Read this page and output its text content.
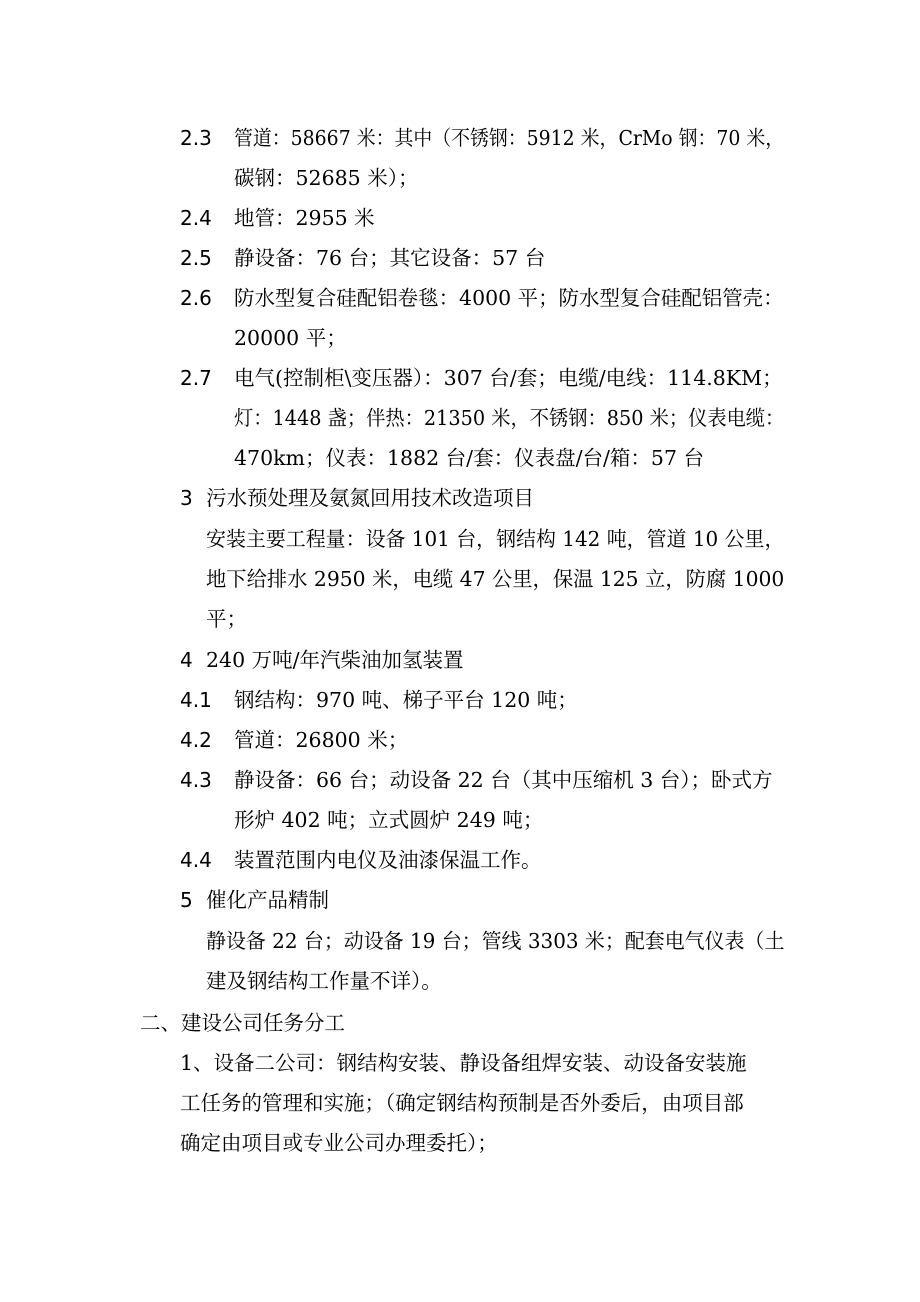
2.3 管道：58667 米：其中（不锈钢：5912 米，CrMo 钢：70 米，
碳钢：52685 米）；
2.4 地管：2955 米
2.5 静设备：76 台；其它设备：57 台
2.6 防水型复合硅配铝卷毯：4000 平；防水型复合硅配铝管壳：
20000 平；
2.7 电气(控制柜\变压器）：307 台/套；电缆/电线：114.8KM；
灯：1448 盏；伴热：21350 米，不锈钢：850 米；仪表电缆：
470km；仪表：1882 台/套：仪表盘/台/箱：57 台
3 污水预处理及氨氮回用技术改造项目
安装主要工程量：设备 101 台，钢结构 142 吨，管道 10 公里，
地下给排水 2950 米，电缆 47 公里，保温 125 立，防腐 1000
平；
4 240 万吨/年汽柴油加氢装置
4.1 钢结构：970 吨、梯子平台 120 吨；
4.2 管道：26800 米；
4.3 静设备：66 台；动设备 22 台（其中压缩机 3 台）；卧式方
形炉 402 吨；立式圆炉 249 吨；
4.4 装置范围内电仪及油漆保温工作。
5 催化产品精制
静设备 22 台；动设备 19 台；管线 3303 米；配套电气仪表（土
建及钢结构工作量不详）。
二、建设公司任务分工
1、设备二公司：钢结构安装、静设备组焊安装、动设备安装施
工任务的管理和实施；（确定钢结构预制是否外委后，由项目部
确定由项目或专业公司办理委托）；
